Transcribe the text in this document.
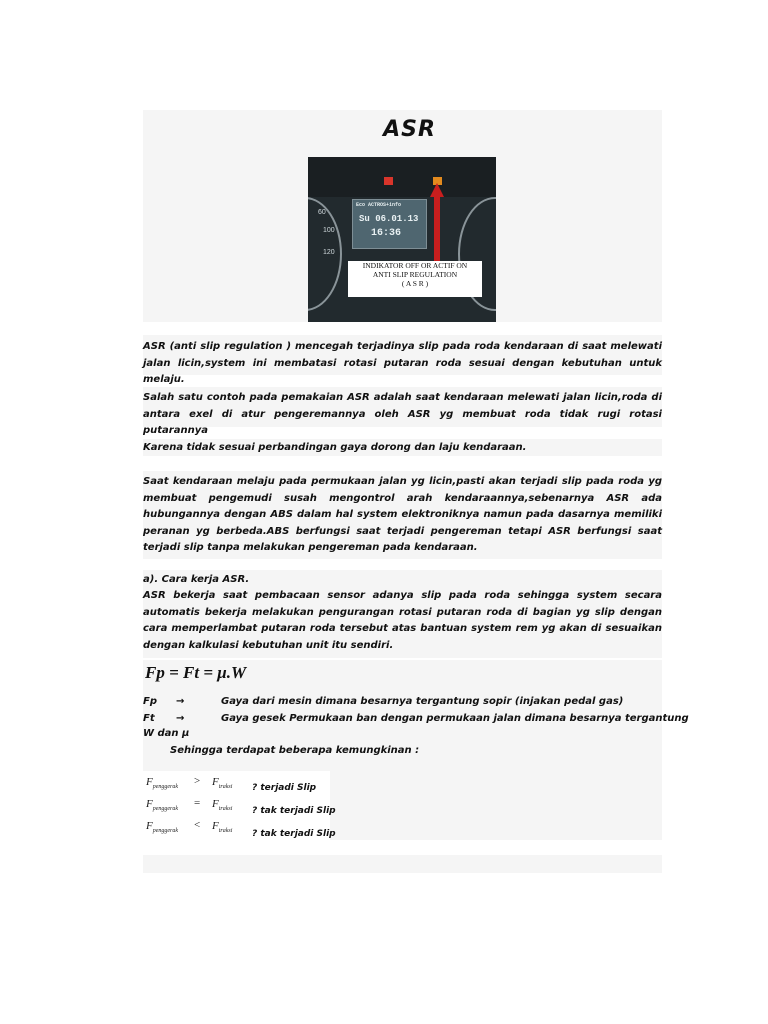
ASR
60
100
120
Eco ACTROS+info
Su 06.01.13
16:36
INDIKATOR OFF OR ACTIF ON
ANTI SLIP REGULATION
( A S R )

ASR (anti slip regulation ) mencegah terjadinya slip pada roda kendaraan di saat melewati jalan licin,system ini membatasi rotasi putaran roda sesuai dengan kebutuhan untuk melaju.

Salah satu contoh pada pemakaian ASR adalah saat kendaraan melewati jalan licin,roda di antara exel di atur pengeremannya oleh ASR yg membuat roda tidak rugi rotasi putarannya

Karena tidak sesuai perbandingan gaya dorong dan laju kendaraan.

Saat kendaraan melaju pada permukaan jalan yg licin,pasti akan terjadi slip pada roda yg membuat pengemudi susah mengontrol arah kendaraannya,sebenarnya ASR ada hubungannya dengan ABS dalam hal system elektroniknya namun pada dasarnya memiliki peranan yg berbeda.ABS berfungsi saat terjadi pengereman tetapi ASR berfungsi saat terjadi slip tanpa melakukan pengereman pada kendaraan.

a). Cara kerja ASR.

ASR bekerja saat pembacaan sensor adanya slip pada roda sehingga system secara automatis bekerja melakukan pengurangan rotasi putaran roda di bagian yg slip dengan cara memperlambat putaran roda tersebut atas bantuan system rem yg akan di sesuaikan dengan kalkulasi kebutuhan unit itu sendiri.

Fp = Ft = μ.W
Fp →	Gaya dari mesin dimana besarnya tergantung sopir (injakan pedal gas)
Ft →	Gaya gesek Permukaan ban dengan permukaan jalan dimana besarnya tergantung
W dan μ
Sehingga terdapat beberapa kemungkinan :
$F_{penggerak} > F_{traksi}$ ? terjadi Slip
$F_{penggerak} = F_{traksi}$ ? tak terjadi Slip
$F_{penggerak} < F_{traksi}$ ? tak terjadi Slip
